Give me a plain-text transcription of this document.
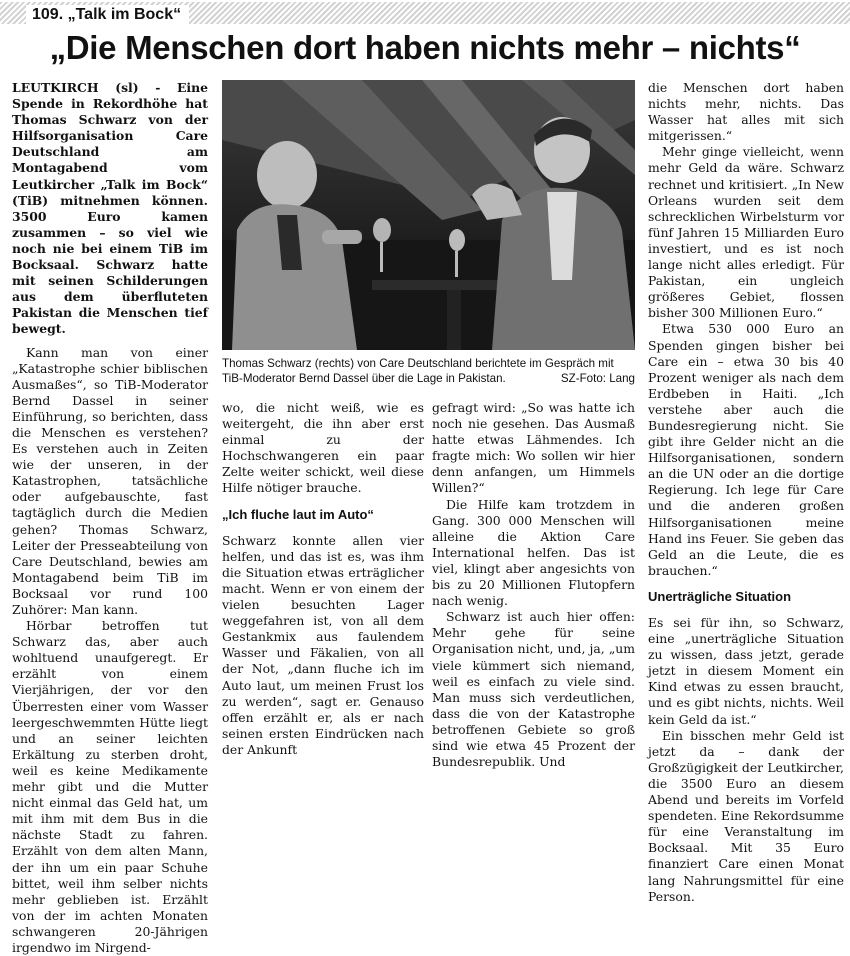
109. „Talk im Bock“
„Die Menschen dort haben nichts mehr – nichts“

LEUTKIRCH (sl) - Eine Spende in Rekordhöhe hat Thomas Schwarz von der Hilfsorganisation Care Deutschland am Montagabend vom Leutkircher „Talk im Bock“ (TiB) mitnehmen können. 3500 Euro kamen zusammen – so viel wie noch nie bei einem TiB im Bocksaal. Schwarz hatte mit seinen Schilderungen aus dem überfluteten Pakistan die Menschen tief bewegt.

Kann man von einer „Katastrophe schier biblischen Ausmaßes“, so TiB-Moderator Bernd Dassel in seiner Einführung, so berichten, dass die Menschen es verstehen? Es verstehen auch in Zeiten wie der unseren, in der Katastrophen, tatsächliche oder aufgebauschte, fast tagtäglich durch die Medien gehen? Thomas Schwarz, Leiter der Presseabteilung von Care Deutschland, bewies am Montagabend beim TiB im Bocksaal vor rund 100 Zuhörer: Man kann.

Hörbar betroffen tut Schwarz das, aber auch wohltuend unaufgeregt. Er erzählt von einem Vierjährigen, der vor den Überresten einer vom Wasser leergeschwemmten Hütte liegt und an seiner leichten Erkältung zu sterben droht, weil es keine Medikamente mehr gibt und die Mutter nicht einmal das Geld hat, um mit ihm mit dem Bus in die nächste Stadt zu fahren. Erzählt von dem alten Mann, der ihn um ein paar Schuhe bittet, weil ihm selber nichts mehr geblieben ist. Erzählt von der im achten Monaten schwangeren 20-Jährigen irgendwo im Nirgend-

Thomas Schwarz (rechts) von Care Deutschland berichtete im Gespräch mit TiB-Moderator Bernd Dassel über die Lage in Pakistan.	SZ-Foto: Lang

wo, die nicht weiß, wie es weitergeht, die ihn aber erst einmal zu der Hochschwangeren ein paar Zelte weiter schickt, weil diese Hilfe nötiger brauche.

„Ich fluche laut im Auto“

Schwarz konnte allen vier helfen, und das ist es, was ihm die Situation etwas erträglicher macht. Wenn er von einem der vielen besuchten Lager weggefahren ist, von all dem Gestankmix aus faulendem Wasser und Fäkalien, von all der Not, „dann fluche ich im Auto laut, um meinen Frust los zu werden“, sagt er. Genauso offen erzählt er, als er nach seinen ersten Eindrücken nach der Ankunft

gefragt wird: „So was hatte ich noch nie gesehen. Das Ausmaß hatte etwas Lähmendes. Ich fragte mich: Wo sollen wir hier denn anfangen, um Himmels Willen?“

Die Hilfe kam trotzdem in Gang. 300 000 Menschen will alleine die Aktion Care International helfen. Das ist viel, klingt aber angesichts von bis zu 20 Millionen Flutopfern nach wenig.

Schwarz ist auch hier offen: Mehr gehe für seine Organisation nicht, und, ja, „um viele kümmert sich niemand, weil es einfach zu viele sind. Man muss sich verdeutlichen, dass die von der Katastrophe betroffenen Gebiete so groß sind wie etwa 45 Prozent der Bundesrepublik. Und

die Menschen dort haben nichts mehr, nichts. Das Wasser hat alles mit sich mitgerissen.“

Mehr ginge vielleicht, wenn mehr Geld da wäre. Schwarz rechnet und kritisiert. „In New Orleans wurden seit dem schrecklichen Wirbelsturm vor fünf Jahren 15 Milliarden Euro investiert, und es ist noch lange nicht alles erledigt. Für Pakistan, ein ungleich größeres Gebiet, flossen bisher 300 Millionen Euro.“

Etwa 530 000 Euro an Spenden gingen bisher bei Care ein – etwa 30 bis 40 Prozent weniger als nach dem Erdbeben in Haiti. „Ich verstehe aber auch die Bundesregierung nicht. Sie gibt ihre Gelder nicht an die Hilfsorganisationen, sondern an die UN oder an die dortige Regierung. Ich lege für Care und die anderen großen Hilfsorganisationen meine Hand ins Feuer. Sie geben das Geld an die Leute, die es brauchen.“

Unerträgliche Situation

Es sei für ihn, so Schwarz, eine „unerträgliche Situation zu wissen, dass jetzt, gerade jetzt in diesem Moment ein Kind etwas zu essen braucht, und es gibt nichts, nichts. Weil kein Geld da ist.“

Ein bisschen mehr Geld ist jetzt da – dank der Großzügigkeit der Leutkircher, die 3500 Euro an diesem Abend und bereits im Vorfeld spendeten. Eine Rekordsumme für eine Veranstaltung im Bocksaal. Mit 35 Euro finanziert Care einen Monat lang Nahrungsmittel für eine Person.
